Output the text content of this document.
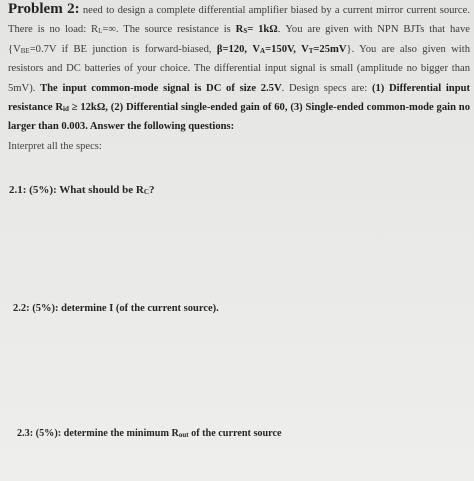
Problem 2: need to design a complete differential amplifier biased by a current mirror current source. There is no load: RL=∞. The source resistance is RS= 1kΩ. You are given with NPN BJTs that have {VBE=0.7V if BE junction is forward-biased, β=120, VA=150V, VT=25mV}. You are also given with resistors and DC batteries of your choice. The differential input signal is small (amplitude no bigger than 5mV). The input common-mode signal is DC of size 2.5V. Design specs are: (1) Differential input resistance Rid ≥ 12kΩ, (2) Differential single-ended gain of 60, (3) Single-ended common-mode gain no larger than 0.003. Answer the following questions:

Interpret all the specs:

2.1: (5%): What should be RC?
2.2: (5%): determine I (of the current source).
2.3: (5%): determine the minimum Rout of the current source
